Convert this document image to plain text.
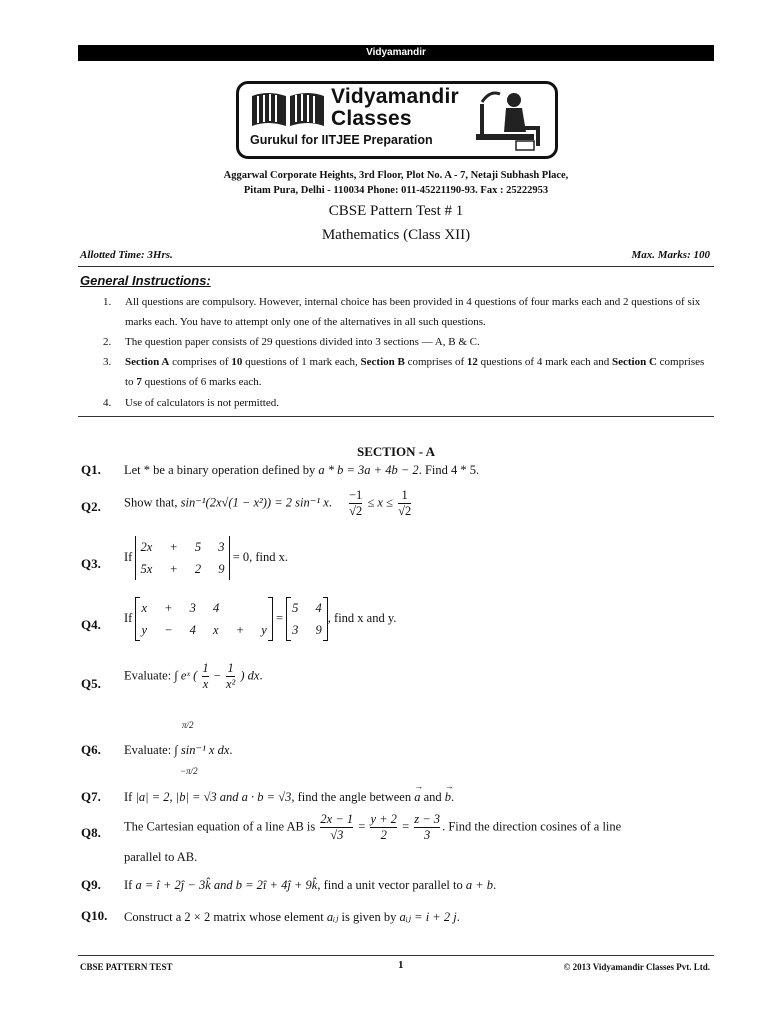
Vidyamandir
Vidyamandir
Classes
Gurukul for IITJEE Preparation
Aggarwal Corporate Heights, 3rd Floor, Plot No. A - 7, Netaji Subhash Place,
Pitam Pura, Delhi - 110034 Phone: 011-45221190-93. Fax : 25222953
CBSE Pattern Test # 1
Mathematics (Class XII)
Allotted Time: 3Hrs.	Max. Marks: 100
General Instructions:
1. All questions are compulsory. However, internal choice has been provided in 4 questions of four marks each and 2 questions of six marks each. You have to attempt only one of the alternatives in all such questions.
2. The question paper consists of 29 questions divided into 3 sections — A, B & C.
3. Section A comprises of 10 questions of 1 mark each, Section B comprises of 12 questions of 4 mark each and Section C comprises to 7 questions of 6 marks each.
4. Use of calculators is not permitted.
SECTION - A
Q1. Let * be a binary operation defined by a * b = 3a + 4b − 2. Find 4 * 5.
Q2. Show that, sin⁻¹(2x√(1 − x²)) = 2 sin⁻¹ x. $\frac{-1}{√2} \le x \le \frac{1}{√2}$
Q3. If
2x + 5 3
5x + 2 9
= 0, find x.
Q4. If
x + 3 4
y − 4 x + y
=
5 4
3 9
, find x and y.
Q5.
Evaluate: ∫ eˣ ( $\frac{1}{x} - \frac{1}{\text{x²}}$ ) dx.
Q6. Evaluate: ∫ sin⁻¹ x dx.
π/2
−π/2
Q7. If |a| = 2, |b| = √3 and a · b = √3, find the angle between → a and → b.
Q8. The Cartesian equation of a line AB is $\frac{2x - 1}{√3} = \frac{y + 2}{2} = \frac{z - 3}{3}$ . Find the direction cosines of a line
parallel to AB.
Q9. If a = î + 2ĵ − 3k̂ and b = 2î + 4ĵ + 9k̂, find a unit vector parallel to a + b.
Q10. Construct a 2 × 2 matrix whose element aᵢⱼ is given by aᵢⱼ = i + 2 j.
CBSE PATTERN TEST	1	© 2013 Vidyamandir Classes Pvt. Ltd.
